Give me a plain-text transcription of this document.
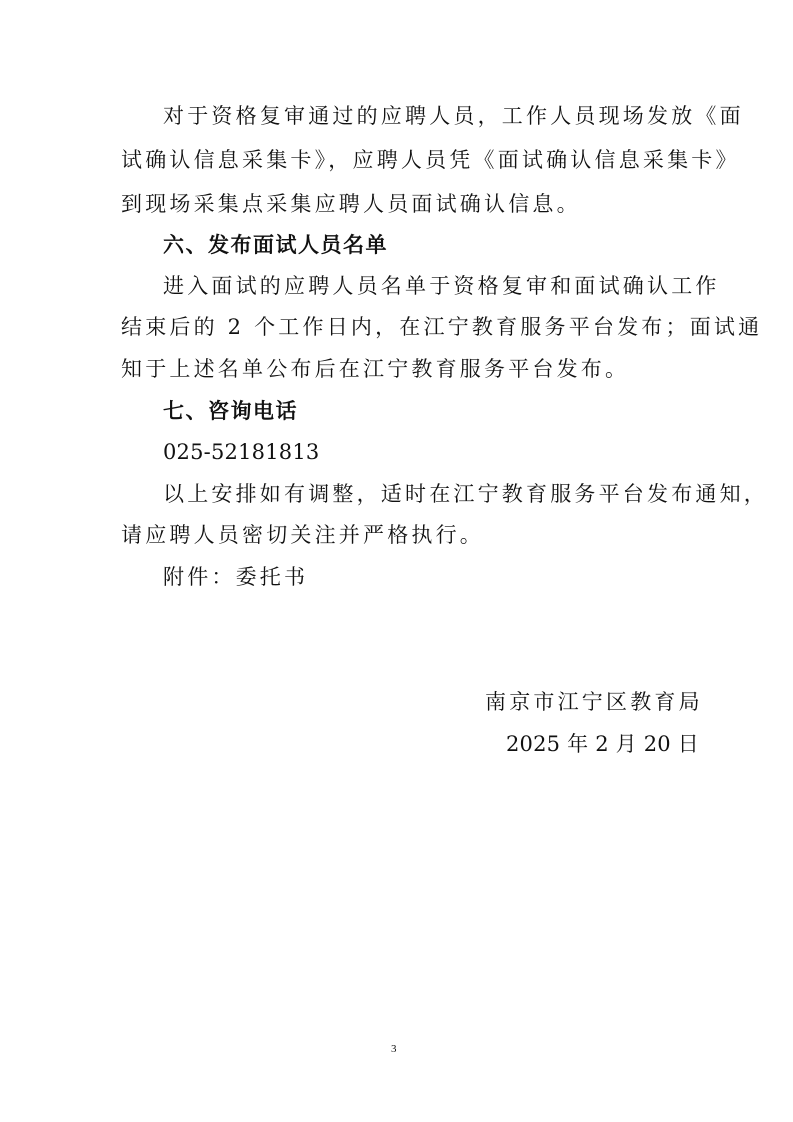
对于资格复审通过的应聘人员，工作人员现场发放《面

试确认信息采集卡》，应聘人员凭《面试确认信息采集卡》

到现场采集点采集应聘人员面试确认信息。

六、发布面试人员名单

进入面试的应聘人员名单于资格复审和面试确认工作

结束后的 2 个工作日内，在江宁教育服务平台发布；面试通

知于上述名单公布后在江宁教育服务平台发布。

七、咨询电话

025-52181813

以上安排如有调整，适时在江宁教育服务平台发布通知，

请应聘人员密切关注并严格执行。

附件：委托书

南京市江宁区教育局

2025 年 2 月 20 日

3
